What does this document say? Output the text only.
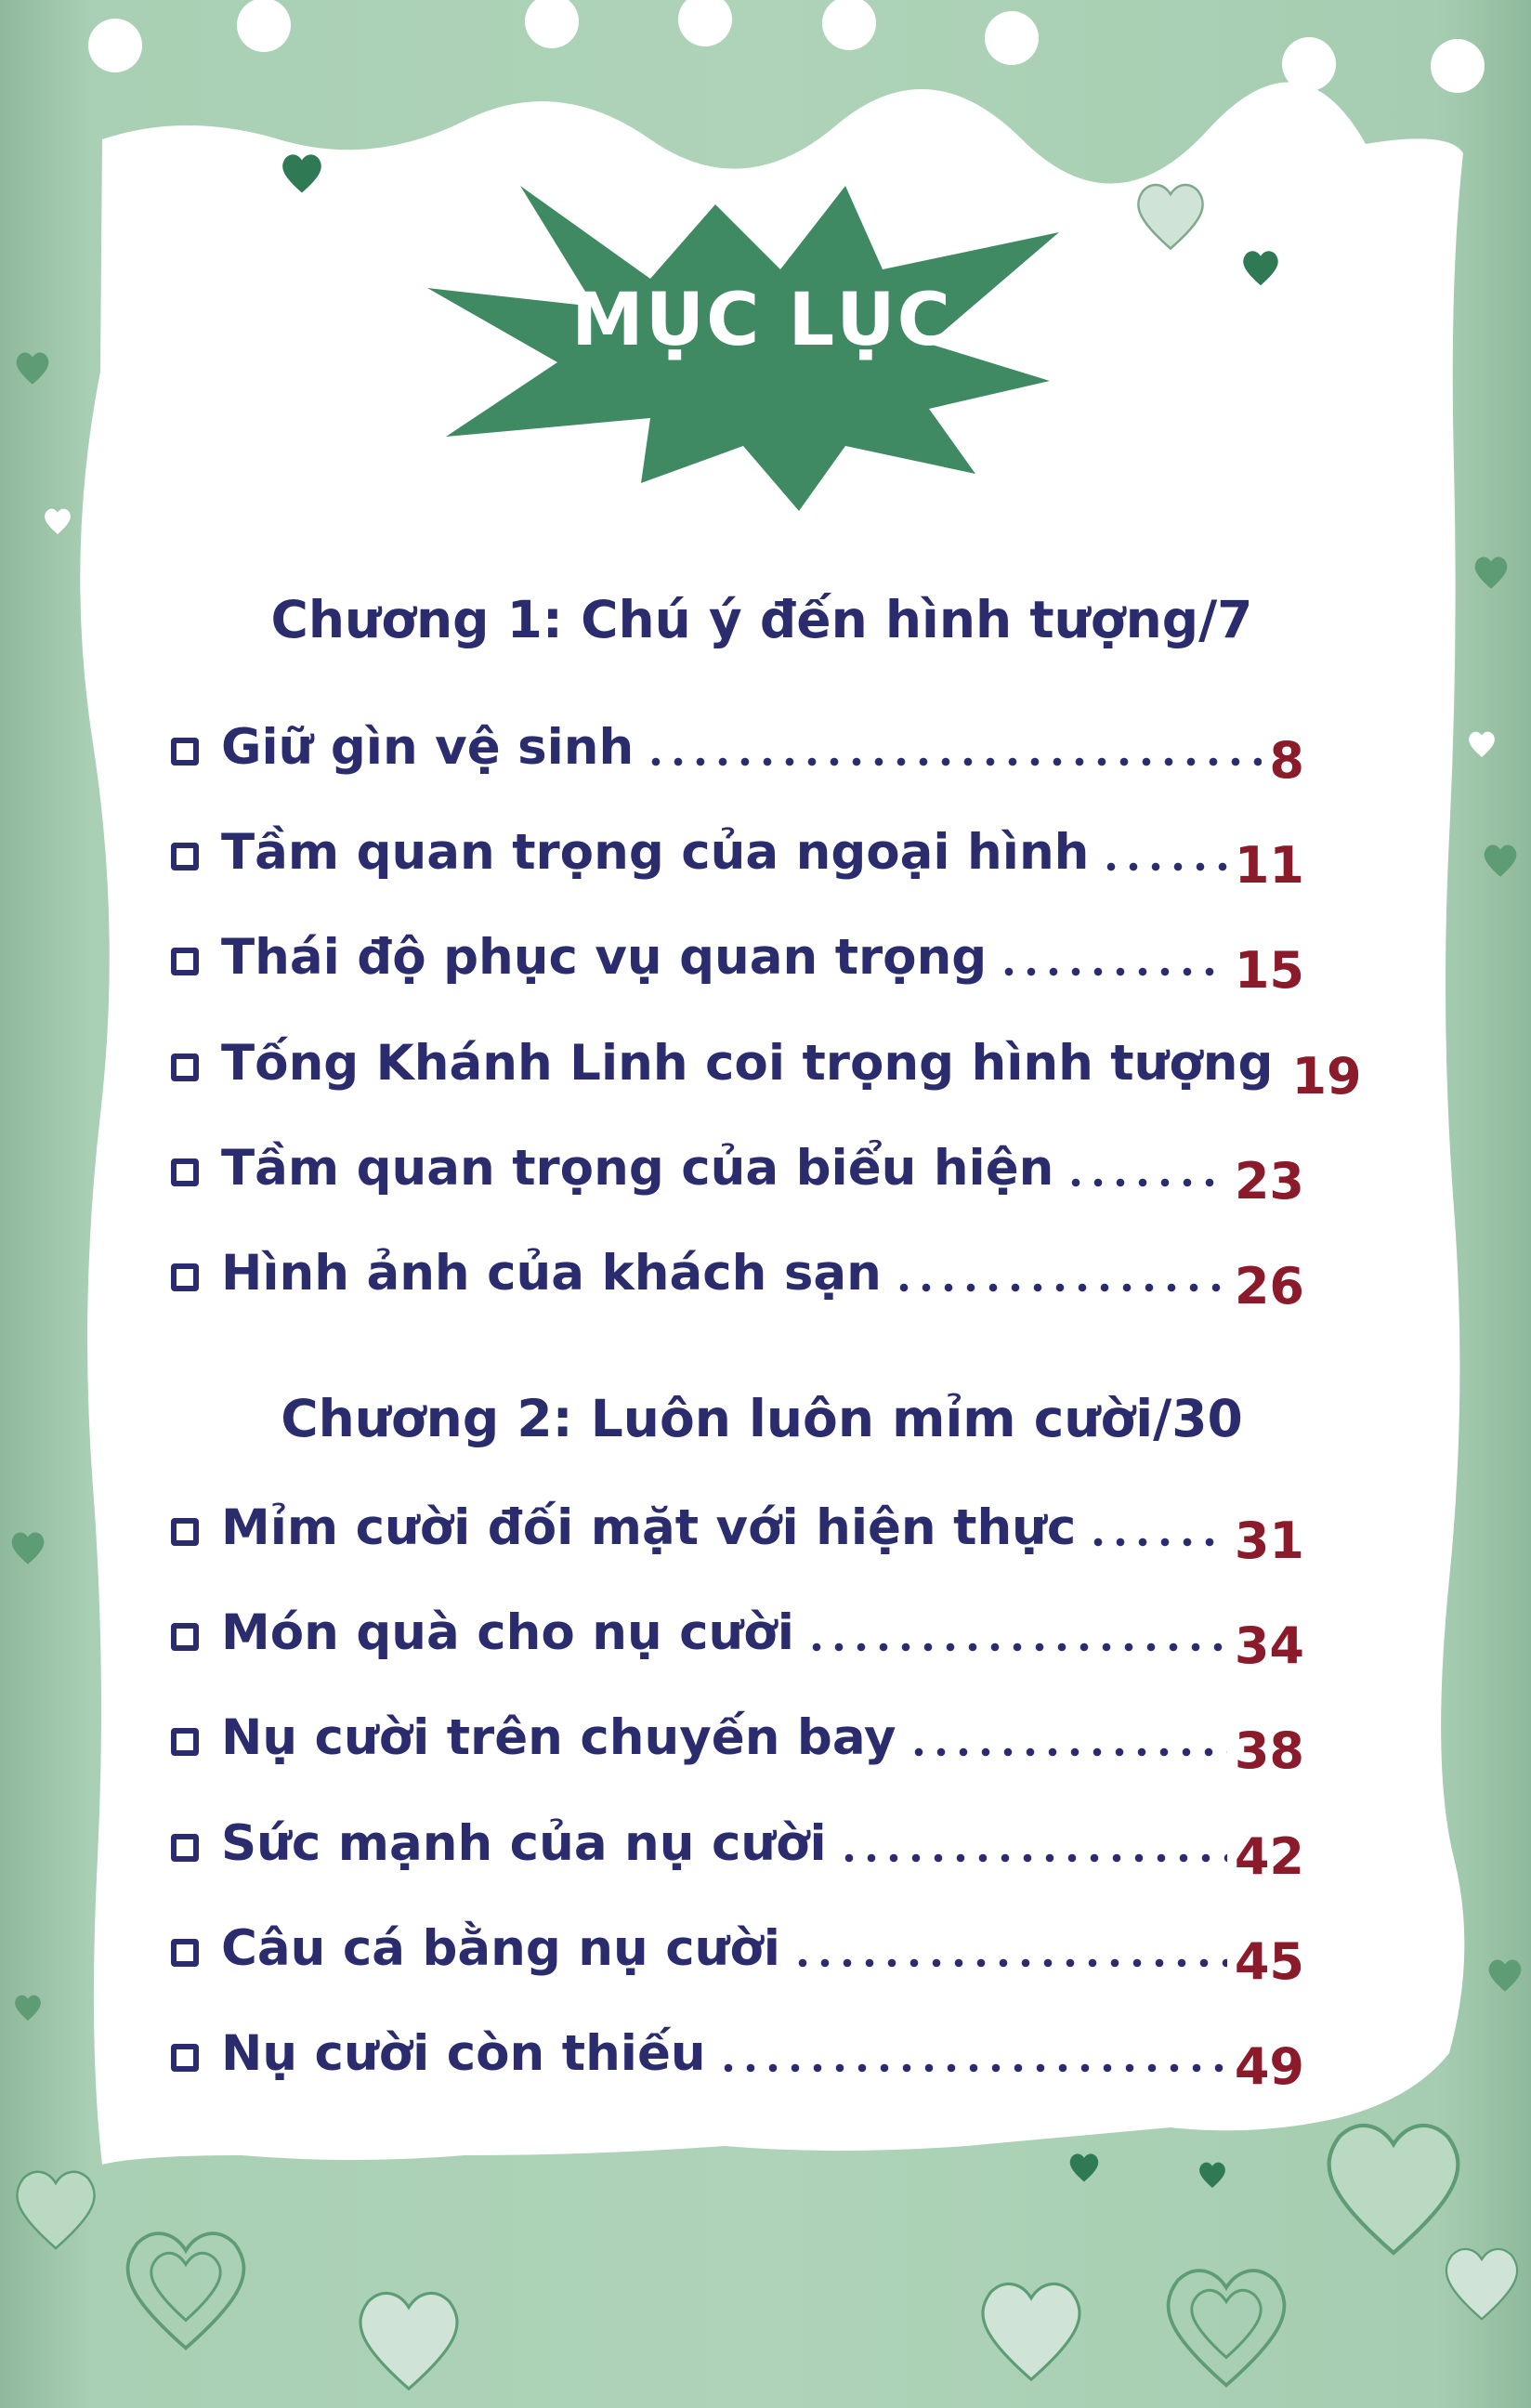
MỤC LỤC
Chương 1: Chú ý đến hình tượng/7
Giữ gìn vệ sinh	8
Tầm quan trọng của ngoại hình	11
Thái độ phục vụ quan trọng	15
Tống Khánh Linh coi trọng hình tượng 19
Tầm quan trọng của biểu hiện	23
Hình ảnh của khách sạn	26
Chương 2: Luôn luôn mỉm cười/30
Mỉm cười đối mặt với hiện thực	31
Món quà cho nụ cười	34
Nụ cười trên chuyến bay	38
Sức mạnh của nụ cười	42
Câu cá bằng nụ cười	45
Nụ cười còn thiếu	49
